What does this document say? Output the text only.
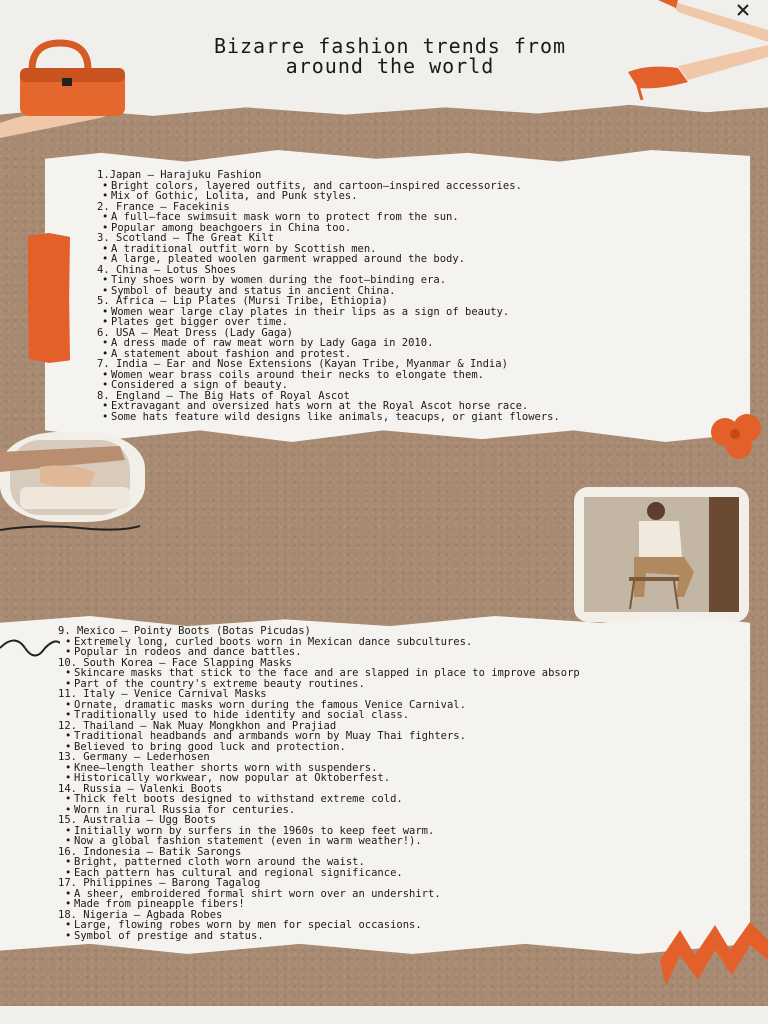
Bizarre fashion trends from
around the world
1.Japan – Harajuku Fashion
• Bright colors, layered outfits, and cartoon–inspired accessories.
• Mix of Gothic, Lolita, and Punk styles.
2. France – Facekinis
• A full–face swimsuit mask worn to protect from the sun.
• Popular among beachgoers in China too.
3. Scotland – The Great Kilt
• A traditional outfit worn by Scottish men.
• A large, pleated woolen garment wrapped around the body.
4. China – Lotus Shoes
• Tiny shoes worn by women during the foot–binding era.
• Symbol of beauty and status in ancient China.
5. Africa – Lip Plates (Mursi Tribe, Ethiopia)
• Women wear large clay plates in their lips as a sign of beauty.
• Plates get bigger over time.
6. USA – Meat Dress (Lady Gaga)
• A dress made of raw meat worn by Lady Gaga in 2010.
• A statement about fashion and protest.
7. India – Ear and Nose Extensions (Kayan Tribe, Myanmar & India)
• Women wear brass coils around their necks to elongate them.
• Considered a sign of beauty.
8. England – The Big Hats of Royal Ascot
• Extravagant and oversized hats worn at the Royal Ascot horse race.
• Some hats feature wild designs like animals, teacups, or giant flowers.
9. Mexico – Pointy Boots (Botas Picudas)
• Extremely long, curled boots worn in Mexican dance subcultures.
• Popular in rodeos and dance battles.
10. South Korea – Face Slapping Masks
• Skincare masks that stick to the face and are slapped in place to improve absorp
• Part of the country's extreme beauty routines.
11. Italy – Venice Carnival Masks
• Ornate, dramatic masks worn during the famous Venice Carnival.
• Traditionally used to hide identity and social class.
12. Thailand – Nak Muay Mongkhon and Prajiad
• Traditional headbands and armbands worn by Muay Thai fighters.
• Believed to bring good luck and protection.
13. Germany – Lederhosen
• Knee–length leather shorts worn with suspenders.
• Historically workwear, now popular at Oktoberfest.
14. Russia – Valenki Boots
• Thick felt boots designed to withstand extreme cold.
• Worn in rural Russia for centuries.
15. Australia – Ugg Boots
• Initially worn by surfers in the 1960s to keep feet warm.
• Now a global fashion statement (even in warm weather!).
16. Indonesia – Batik Sarongs
• Bright, patterned cloth worn around the waist.
• Each pattern has cultural and regional significance.
17. Philippines – Barong Tagalog
• A sheer, embroidered formal shirt worn over an undershirt.
• Made from pineapple fibers!
18. Nigeria – Agbada Robes
• Large, flowing robes worn by men for special occasions.
• Symbol of prestige and status.
